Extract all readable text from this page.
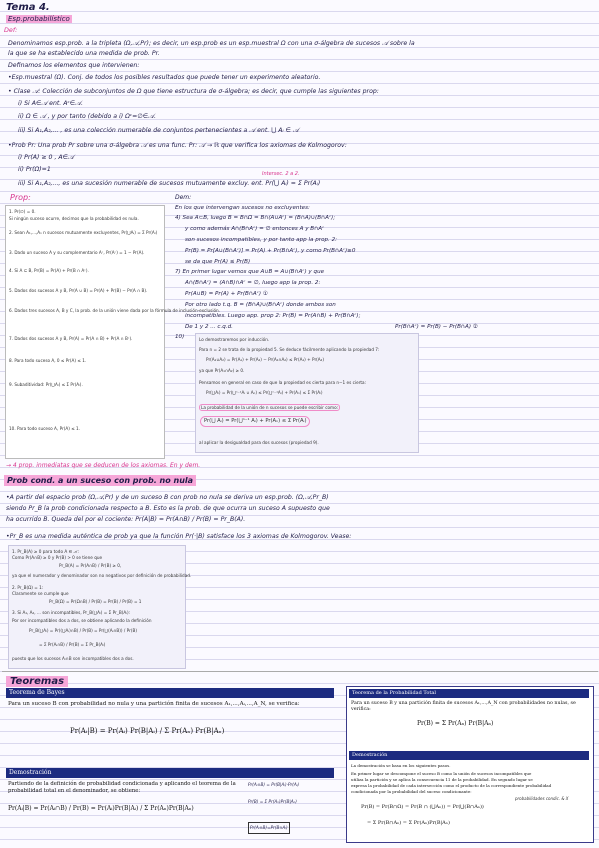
Tema 4.
Esp.probabilístico
Def:
Denominamos esp.prob. a la tripleta (Ω,𝒜,Pr); es decir, un esp.prob es un esp.muestral Ω con una σ-álgebra de sucesos 𝒜 sobre la
la que se ha establecido una medida de prob. Pr.
Definamos los elementos que intervienen:
•Esp.muestral (Ω). Conj. de todos los posibles resultados que puede tener un experimento aleatorio.
• Clase 𝒜: Colección de subconjuntos de Ω que tiene estructura de σ-álgebra; es decir, que cumple las siguientes prop:
i) Si A∈𝒜 ent. Aᶜ∈𝒜.
ii) Ω ∈ 𝒜 , y por tanto (debido a i) Ωᶜ=∅∈𝒜.
iii) Si A₁,A₂,... , es una colección numerable de conjuntos pertenecientes a 𝒜 ent. ⋃ Aᵢ ∈ 𝒜
•Prob Pr: Una prob Pr sobre una σ-álgebra 𝒜 es una func. Pr: 𝒜 → ℝ que verifica los axiomas de Kolmogorov:
i) Pr(A) ≥ 0 , A∈𝒜
ii) Pr(Ω)=1
iii) Si A₁,A₂,..., es una sucesión numerable de sucesos mutuamente excluy. ent. Pr(⋃ Aᵢ) = Σ Pr(Aᵢ)
Intersec. 2 a 2.
Prop:
1. Pr(∅) = 0.
Si ningún suceso ocurre, decimos que la probabilidad es nula.
2. Sean A₁,...,Aₙ n sucesos mutuamente excluyentes, Pr(⋃Aᵢ) = Σ Pr(Aᵢ)
3. Dado un suceso A y su complementario Aᶜ, Pr(Aᶜ) = 1 − Pr(A).
4. Si A ⊆ B, Pr(B) = Pr(A) + Pr(B ∩ Aᶜ).
5. Dados dos sucesos A y B, Pr(A ∪ B) = Pr(A) + Pr(B) − Pr(A ∩ B).
6. Dados tres sucesos A, B y C, la prob. de la unión viene dada por la fórmula de inclusión-exclusión.
7. Dados dos sucesos A y B, Pr(A) = Pr(A ∩ B) + Pr(A ∩ Bᶜ).
8. Para todo suceso A, 0 ≤ Pr(A) ≤ 1.
9. Subaditividad: Pr(⋃Aᵢ) ≤ Σ Pr(Aᵢ).
10. Para todo suceso A, Pr(A) ≤ 1.
Dem:
En los que intervengan sucesos no excluyentes:
4) Sea A⊂B, luego B = B∩Ω = B∩(A∪Aᶜ) = (B∩A)∪(B∩Aᶜ);
y como además A∩(B∩Aᶜ) = ∅ entonces A y B∩Aᶜ
son sucesos incompatibles, y por tanto app la prop. 2:
Pr(B) = Pr[A∪(B∩Aᶜ)] = Pr(A) + Pr(B∩Aᶜ), y como Pr(B∩Aᶜ)≥0
se da que Pr(A) ≤ Pr(B)
7) En primer lugar vemos que A∪B = A∪(B∩Aᶜ) y que
A∩(B∩Aᶜ) = (A∩B)∩Aᶜ = ∅, luego app la prop. 2:
Pr(A∪B) = Pr(A) + Pr(B∩Aᶜ) ①
Por otro lado t.q. B = (B∩A)∪(B∩Aᶜ) donde ambos son
incompatibles. Luego app. prop 2: Pr(B) = Pr(A∩B) + Pr(B∩Aᶜ);
De 1 y 2 ... c.q.d.	Pr(B∩Aᶜ) = Pr(B) − Pr(B∩A) ②
10)	Lo demostraremos por inducción.
Para n = 2 se trata de la propiedad 5. Se deduce fácilmente aplicando la propiedad 7:
Pr(A₁∪A₂) = Pr(A₁) + Pr(A₂) − Pr(A₁∩A₂) ≤ Pr(A₁) + Pr(A₂)
ya que Pr(A₁∩A₂) ≥ 0.
Pensamos en general en caso de que la propiedad es cierta para n−1 es cierta:
Pr(⋃Aᵢ) = Pr(⋃ⁿ⁻¹Aᵢ ∪ Aₙ) ≤ Pr(⋃ⁿ⁻¹Aᵢ) + Pr(Aₙ) ≤ Σ Pr(Aᵢ)
La probabilidad de la unión de n sucesos se puede escribir como:
Pr(⋃ Aᵢ) = Pr(⋃ⁿ⁻¹ Aᵢ) + Pr(Aₙ) ≤ Σ Pr(Aᵢ)
al aplicar la desigualdad para dos sucesos (propiedad 9).
→ 4 prop. inmediatas que se deducen de los axiomas. En y dem.
Prob cond. a un suceso con prob. no nula
•A partir del espacio prob (Ω,𝒜,Pr) y de un suceso B con prob no nula se deriva un esp.prob. (Ω,𝒜,Pr_B)
siendo Pr_B la prob condicionada respecto a B. Esto es la prob. de que ocurra un suceso A supuesto que
ha ocurrido B. Queda del por el cociente: Pr(A|B) = Pr(A∩B) / Pr(B) = Pr_B(A).
•Pr_B es una medida auténtica de prob ya que la función Pr(·|B) satisface los 3 axiomas de Kolmogorov. Vease:
1. Pr_B(A) ≥ 0 para todo A ∈ 𝒜:
Como Pr(A∩B) ≥ 0 y Pr(B) > 0 se tiene que
Pr_B(A) = Pr(A∩B) / Pr(B) ≥ 0,
ya que el numerador y denominador son no negativos por definición de probabilidad.
2. Pr_B(Ω) = 1:
Claramente se cumple que
Pr_B(Ω) = Pr(Ω∩B) / Pr(B) = Pr(B) / Pr(B) = 1
3. Si A₁, A₂, ... son incompatibles, Pr_B(⋃Aᵢ) = Σ Pr_B(Aᵢ):
Por ser incompatibles dos a dos, se obtiene aplicando la definición
Pr_B(⋃Aᵢ) = Pr((⋃Aᵢ)∩B) / Pr(B) = Pr(⋃(Aᵢ∩B)) / Pr(B)
= Σ Pr(Aᵢ∩B) / Pr(B) = Σ Pr_B(Aᵢ)
puesto que los sucesos Aᵢ∩B son incompatibles dos a dos.
Teoremas
Teorema de Bayes
Para un suceso B con probabilidad no nula y una partición finita de sucesos A₁,...,Aᵢ,...,A_N, se verifica:
Pr(Aᵢ|B) = Pr(Aᵢ) Pr(B|Aᵢ) / Σ Pr(Aₙ) Pr(B|Aₙ)
Demostración
Partiendo de la definición de probabilidad condicionada y aplicando el teorema de la probabilidad total en el denominador, se obtiene:
Pr(Aᵢ|B) = Pr(Aᵢ∩B) / Pr(B) = Pr(Aᵢ)Pr(B|Aᵢ) / Σ Pr(Aₙ)Pr(B|Aₙ)
Pr(Aᵢ∩B) = Pr(B|Aᵢ)·Pr(Aᵢ)
Pr(B) = Σ Pr(Aₙ)Pr(B|Aₙ)
Pr(Aᵢ∩B)=Pr(B∩Aᵢ)
Teorema de la Probabilidad Total
Para un suceso B y una partición finita de sucesos A₁,...,A_N con probabilidades no nulas, se verifica:
Pr(B) = Σ Pr(Aₙ) Pr(B|Aₙ)
Demostración
La demostración se basa en los siguientes pasos.
En primer lugar se descompone el suceso B como la unión de sucesos incompatibles que
utiliza la partición y se aplica la consecuencia 11 de la probabilidad. En segundo lugar se
expresa la probabilidad de cada intersección como el producto de la correspondiente probabilidad
condicionada por la probabilidad del suceso condicionante:
probabilidades condic. & X
Pr(B) = Pr(B∩Ω) = Pr(B ∩ (⋃Aₙ)) = Pr(⋃(B∩Aₙ))
= Σ Pr(B∩Aₙ) = Σ Pr(Aₙ)Pr(B|Aₙ)
